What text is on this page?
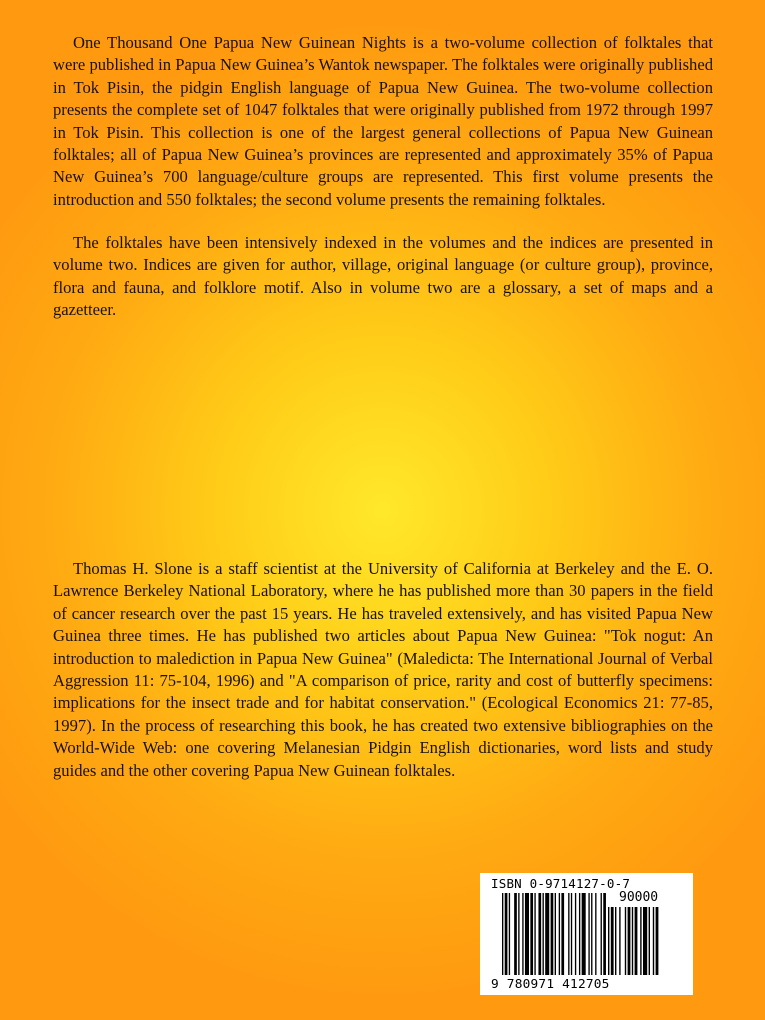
One Thousand One Papua New Guinean Nights is a two-volume collection of folktales that were published in Papua New Guinea’s Wantok newspaper. The folktales were originally published in Tok Pisin, the pidgin English language of Papua New Guinea. The two-volume collection presents the complete set of 1047 folktales that were originally published from 1972 through 1997 in Tok Pisin. This collection is one of the largest general collections of Papua New Guinean folktales; all of Papua New Guinea’s provinces are represented and approximately 35% of Papua New Guinea’s 700 language/culture groups are represented. This first volume presents the introduction and 550 folktales; the second volume presents the remaining folktales.

The folktales have been intensively indexed in the volumes and the indices are presented in volume two. Indices are given for author, village, original language (or culture group), province, flora and fauna, and folklore motif. Also in volume two are a glossary, a set of maps and a gazetteer.

Thomas H. Slone is a staff scientist at the University of California at Berkeley and the E. O. Lawrence Berkeley National Laboratory, where he has published more than 30 papers in the field of cancer research over the past 15 years. He has traveled extensively, and has visited Papua New Guinea three times. He has published two articles about Papua New Guinea: "Tok nogut: An introduction to malediction in Papua New Guinea" (Maledicta: The International Journal of Verbal Aggression 11: 75-104, 1996) and "A comparison of price, rarity and cost of butterfly specimens: implications for the insect trade and for habitat conservation." (Ecological Economics 21: 77-85, 1997). In the process of researching this book, he has created two extensive bibliographies on the World-Wide Web: one covering Melanesian Pidgin English dictionaries, word lists and study guides and the other covering Papua New Guinean folktales.

ISBN 0-9714127-0-7
90000
9 780971 412705
